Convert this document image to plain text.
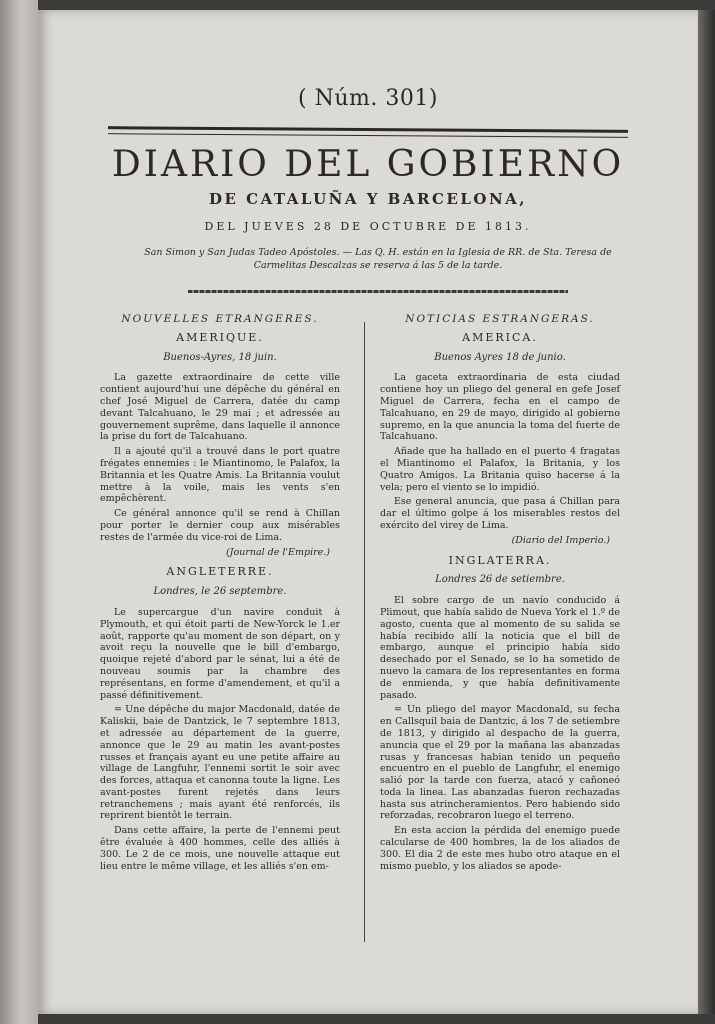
( Núm. 301)
DIARIO DEL GOBIERNO
DE CATALUÑA Y BARCELONA,
DEL JUEVES 28 DE OCTUBRE DE 1813.
San Simon y San Judas Tadeo Apóstoles. — Las Q. H. están en la Iglesia de RR. de Sta. Teresa de Carmelitas Descalzas se reserva á las 5 de la tarde.
NOUVELLES ETRANGERES.
AMERIQUE.
Buenos-Ayres, 18 juin.

La gazette extraordinaire de cette ville contient aujourd'hui une dépêche du général en chef José Miguel de Carrera, datée du camp devant Talcahuano, le 29 mai ; et adressée au gouvernement suprême, dans laquelle il annonce la prise du fort de Talcahuano.

Il a ajouté qu'il a trouvé dans le port quatre frégates ennemies : le Miantinomo, le Palafox, la Britannia et les Quatre Amis. La Britannia voulut mettre à la voile, mais les vents s'en empêchèrent.

Ce général annonce qu'il se rend à Chillan pour porter le dernier coup aux misérables restes de l'armée du vice-roi de Lima.

(Journal de l'Empire.)
ANGLETERRE.
Londres, le 26 septembre.

Le supercargue d'un navire conduit à Plymouth, et qui étoit parti de New-Yorck le 1.er août, rapporte qu'au moment de son départ, on y avoit reçu la nouvelle que le bill d'embargo, quoique rejeté d'abord par le sénat, lui a été de nouveau soumis par la chambre des représentans, en forme d'amendement, et qu'il a passé définitivement.

= Une dépêche du major Macdonald, datée de Kaliskii, baie de Dantzick, le 7 septembre 1813, et adressée au département de la guerre, annonce que le 29 au matin les avant-postes russes et français ayant eu une petite affaire au village de Langfuhr, l'ennemi sortit le soir avec des forces, attaqua et canonna toute la ligne. Les avant-postes furent rejetés dans leurs retranchemens ; mais ayant été renforcés, ils reprirent bientôt le terrain.

Dans cette affaire, la perte de l'ennemi peut être évaluée à 400 hommes, celle des alliés à 300. Le 2 de ce mois, une nouvelle attaque eut lieu entre le même village, et les alliés s'en em-

NOTICIAS ESTRANGERAS.
AMERICA.
Buenos Ayres 18 de junio.

La gaceta extraordinaria de esta ciudad contiene hoy un pliego del general en gefe Josef Miguel de Carrera, fecha en el campo de Talcahuano, en 29 de mayo, dirigido al gobierno supremo, en la que anuncia la toma del fuerte de Talcahuano.

Añade que ha hallado en el puerto 4 fragatas el Miantinomo el Palafox, la Britania, y los Quatro Amigos. La Britania quiso hacerse á la vela; pero el viento se lo impidió.

Ese general anuncia, que pasa á Chillan para dar el último golpe á los miserables restos del exército del virey de Lima.

(Diario del Imperio.)
INGLATERRA.
Londres 26 de setiembre.

El sobre cargo de un navío conducido á Plimout, que había salido de Nueva York el 1.º de agosto, cuenta que al momento de su salida se había recibido allí la noticia que el bill de embargo, aunque el principio había sido desechado por el Senado, se lo ha sometido de nuevo la camara de los representantes en forma de enmienda, y que había definitivamente pasado.

= Un pliego del mayor Macdonald, su fecha en Callsquil baia de Dantzic, á los 7 de setiembre de 1813, y dirigido al despacho de la guerra, anuncia que el 29 por la mañana las abanzadas rusas y francesas habian tenido un pequeño encuentro en el pueblo de Langfuhr, el enemigo salió por la tarde con fuerza, atacó y cañoneó toda la linea. Las abanzadas fueron rechazadas hasta sus atrincheramientos. Pero habiendo sido reforzadas, recobraron luego el terreno.

En esta accion la pérdida del enemigo puede calcularse de 400 hombres, la de los aliados de 300. El dia 2 de este mes hubo otro ataque en el mismo pueblo, y los aliados se apode-
